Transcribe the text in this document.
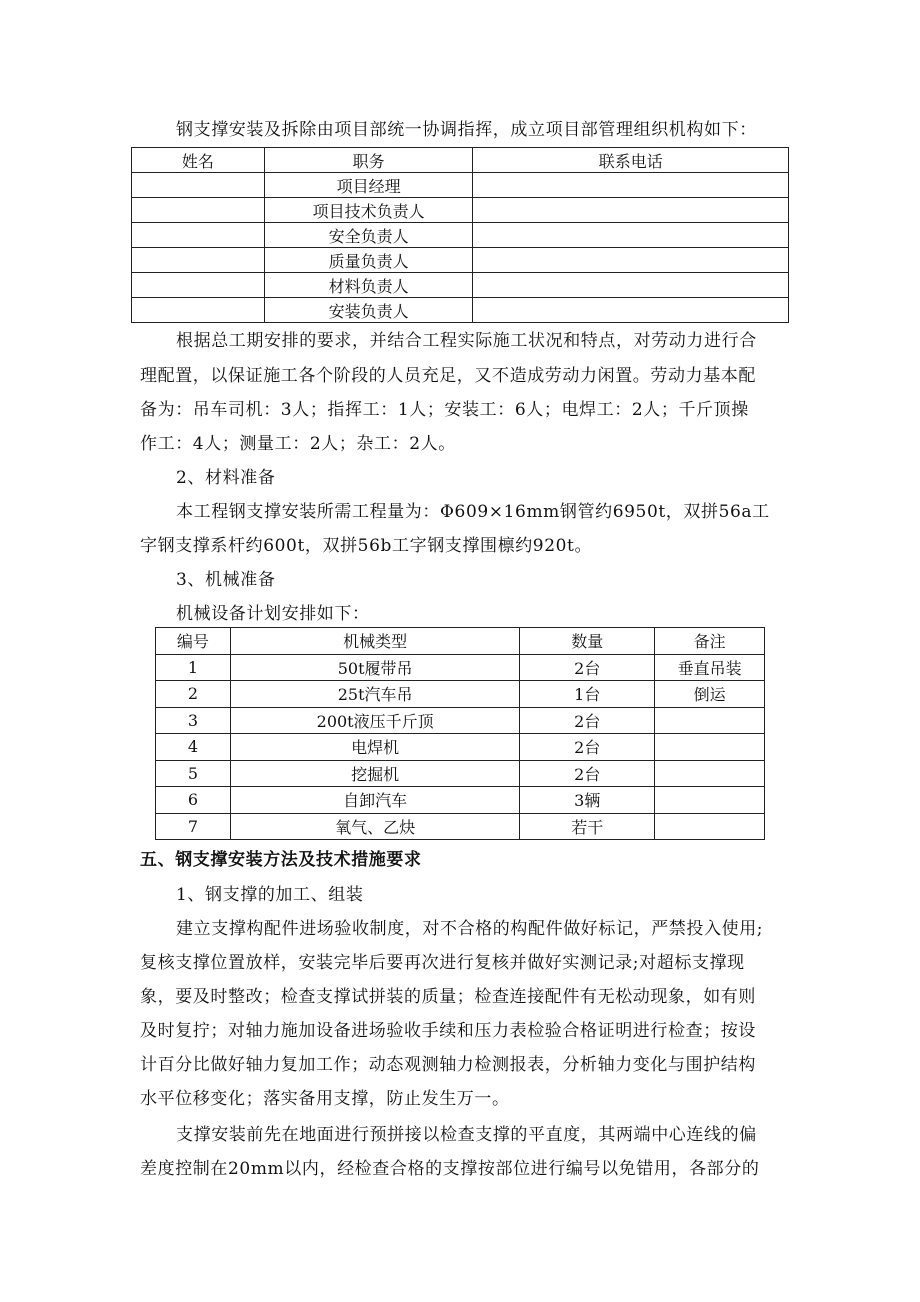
钢支撑安装及拆除由项目部统一协调指挥，成立项目部管理组织机构如下：
姓名	职务	联系电话
	项目经理	
	项目技术负责人	
	安全负责人	
	质量负责人	
	材料负责人	
	安装负责人	
根据总工期安排的要求，并结合工程实际施工状况和特点，对劳动力进行合
理配置，以保证施工各个阶段的人员充足，又不造成劳动力闲置。劳动力基本配
备为：吊车司机：3人；指挥工：1人；安装工：6人；电焊工：2人；千斤顶操
作工：4人；测量工：2人；杂工：2人。
2、材料准备
本工程钢支撑安装所需工程量为：Φ609×16mm钢管约6950t，双拼56a工
字钢支撑系杆约600t，双拼56b工字钢支撑围檩约920t。
3、机械准备
机械设备计划安排如下：
编号	机械类型	数量	备注
1	50t履带吊	2台	垂直吊装
2	25t汽车吊	1台	倒运
3	200t液压千斤顶	2台	
4	电焊机	2台	
5	挖掘机	2台	
6	自卸汽车	3辆	
7	氧气、乙炔	若干	
五、钢支撑安装方法及技术措施要求
1、钢支撑的加工、组装
建立支撑构配件进场验收制度，对不合格的构配件做好标记，严禁投入使用;
复核支撑位置放样，安装完毕后要再次进行复核并做好实测记录;对超标支撑现
象，要及时整改；检查支撑试拼装的质量；检查连接配件有无松动现象，如有则
及时复拧；对轴力施加设备进场验收手续和压力表检验合格证明进行检查；按设
计百分比做好轴力复加工作；动态观测轴力检测报表，分析轴力变化与围护结构
水平位移变化；落实备用支撑，防止发生万一。
支撑安装前先在地面进行预拼接以检查支撑的平直度，其两端中心连线的偏
差度控制在20mm以内，经检查合格的支撑按部位进行编号以免错用，各部分的
